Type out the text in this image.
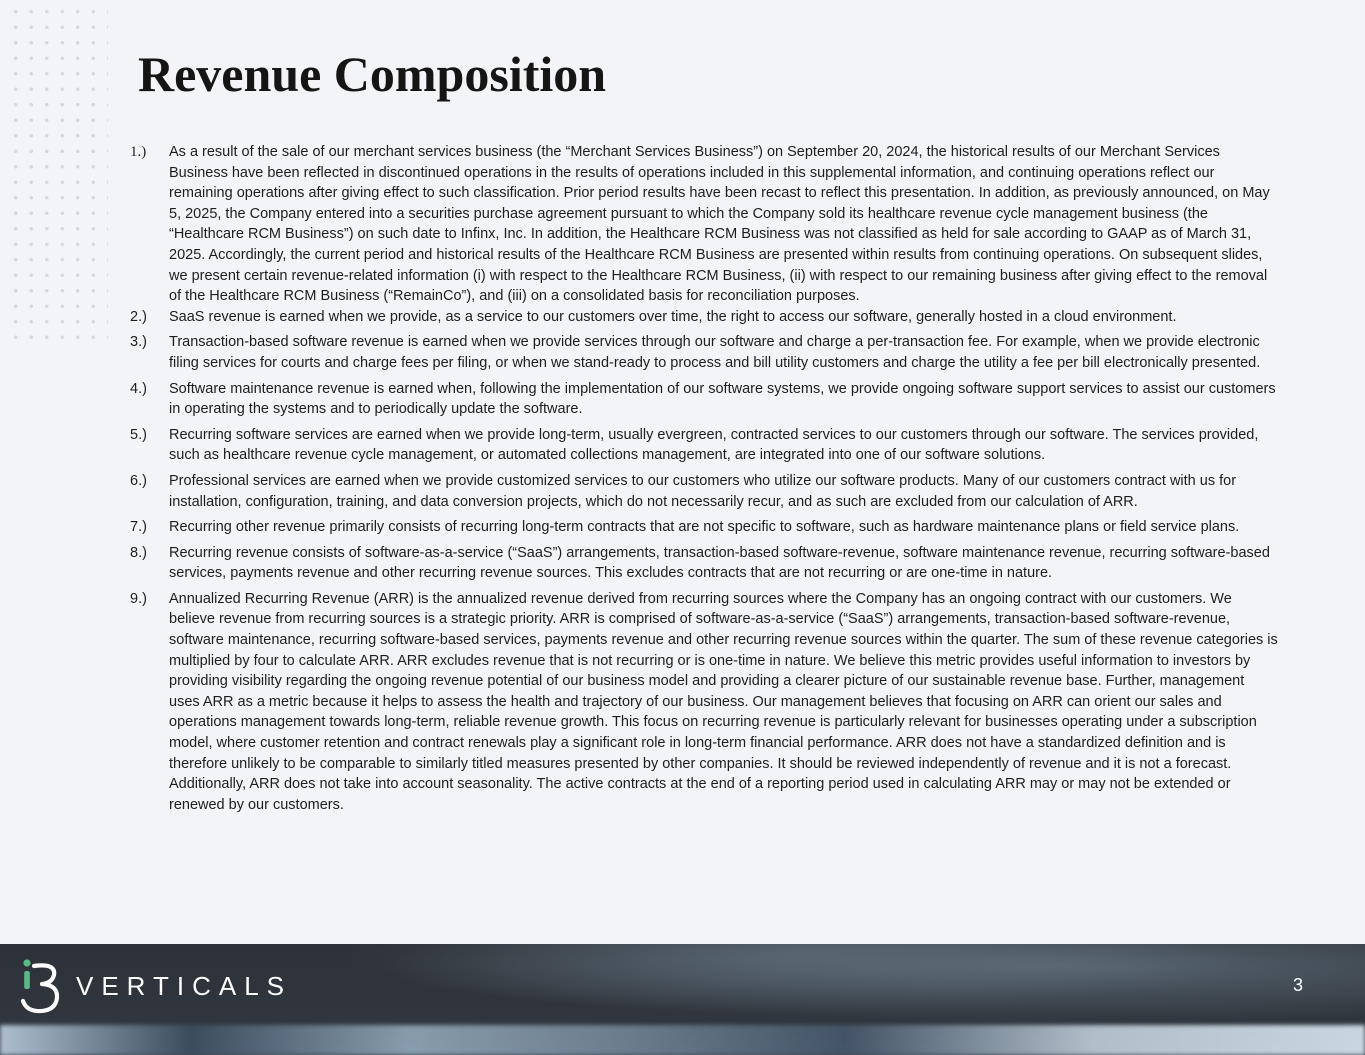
Revenue Composition
1.)	As a result of the sale of our merchant services business (the “Merchant Services Business”) on September 20, 2024, the historical results of our Merchant Services Business have been reflected in discontinued operations in the results of operations included in this supplemental information, and continuing operations reflect our remaining operations after giving effect to such classification. Prior period results have been recast to reflect this presentation. In addition, as previously announced, on May 5, 2025, the Company entered into a securities purchase agreement pursuant to which the Company sold its healthcare revenue cycle management business (the “Healthcare RCM Business”) on such date to Infinx, Inc. In addition, the Healthcare RCM Business was not classified as held for sale according to GAAP as of March 31, 2025. Accordingly, the current period and historical results of the Healthcare RCM Business are presented within results from continuing operations. On subsequent slides, we present certain revenue-related information (i) with respect to the Healthcare RCM Business, (ii) with respect to our remaining business after giving effect to the removal of the Healthcare RCM Business (“RemainCo”), and (iii) on a consolidated basis for reconciliation purposes.
2.)	SaaS revenue is earned when we provide, as a service to our customers over time, the right to access our software, generally hosted in a cloud environment.
3.)	Transaction-based software revenue is earned when we provide services through our software and charge a per-transaction fee. For example, when we provide electronic filing services for courts and charge fees per filing, or when we stand-ready to process and bill utility customers and charge the utility a fee per bill electronically presented.
4.)	Software maintenance revenue is earned when, following the implementation of our software systems, we provide ongoing software support services to assist our customers in operating the systems and to periodically update the software.
5.)	Recurring software services are earned when we provide long-term, usually evergreen, contracted services to our customers through our software. The services provided, such as healthcare revenue cycle management, or automated collections management, are integrated into one of our software solutions.
6.)	Professional services are earned when we provide customized services to our customers who utilize our software products. Many of our customers contract with us for installation, configuration, training, and data conversion projects, which do not necessarily recur, and as such are excluded from our calculation of ARR.
7.)	Recurring other revenue primarily consists of recurring long-term contracts that are not specific to software, such as hardware maintenance plans or field service plans.
8.)	Recurring revenue consists of software-as-a-service (“SaaS”) arrangements, transaction-based software-revenue, software maintenance revenue, recurring software-based services, payments revenue and other recurring revenue sources. This excludes contracts that are not recurring or are one-time in nature.
9.)	Annualized Recurring Revenue (ARR) is the annualized revenue derived from recurring sources where the Company has an ongoing contract with our customers. We believe revenue from recurring sources is a strategic priority. ARR is comprised of software-as-a-service (“SaaS”) arrangements, transaction-based software-revenue, software maintenance, recurring software-based services, payments revenue and other recurring revenue sources within the quarter. The sum of these revenue categories is multiplied by four to calculate ARR. ARR excludes revenue that is not recurring or is one-time in nature. We believe this metric provides useful information to investors by providing visibility regarding the ongoing revenue potential of our business model and providing a clearer picture of our sustainable revenue base. Further, management uses ARR as a metric because it helps to assess the health and trajectory of our business. Our management believes that focusing on ARR can orient our sales and operations management towards long-term, reliable revenue growth. This focus on recurring revenue is particularly relevant for businesses operating under a subscription model, where customer retention and contract renewals play a significant role in long-term financial performance. ARR does not have a standardized definition and is therefore unlikely to be comparable to similarly titled measures presented by other companies. It should be reviewed independently of revenue and it is not a forecast. Additionally, ARR does not take into account seasonality. The active contracts at the end of a reporting period used in calculating ARR may or may not be extended or renewed by our customers.
VERTICALS	3
